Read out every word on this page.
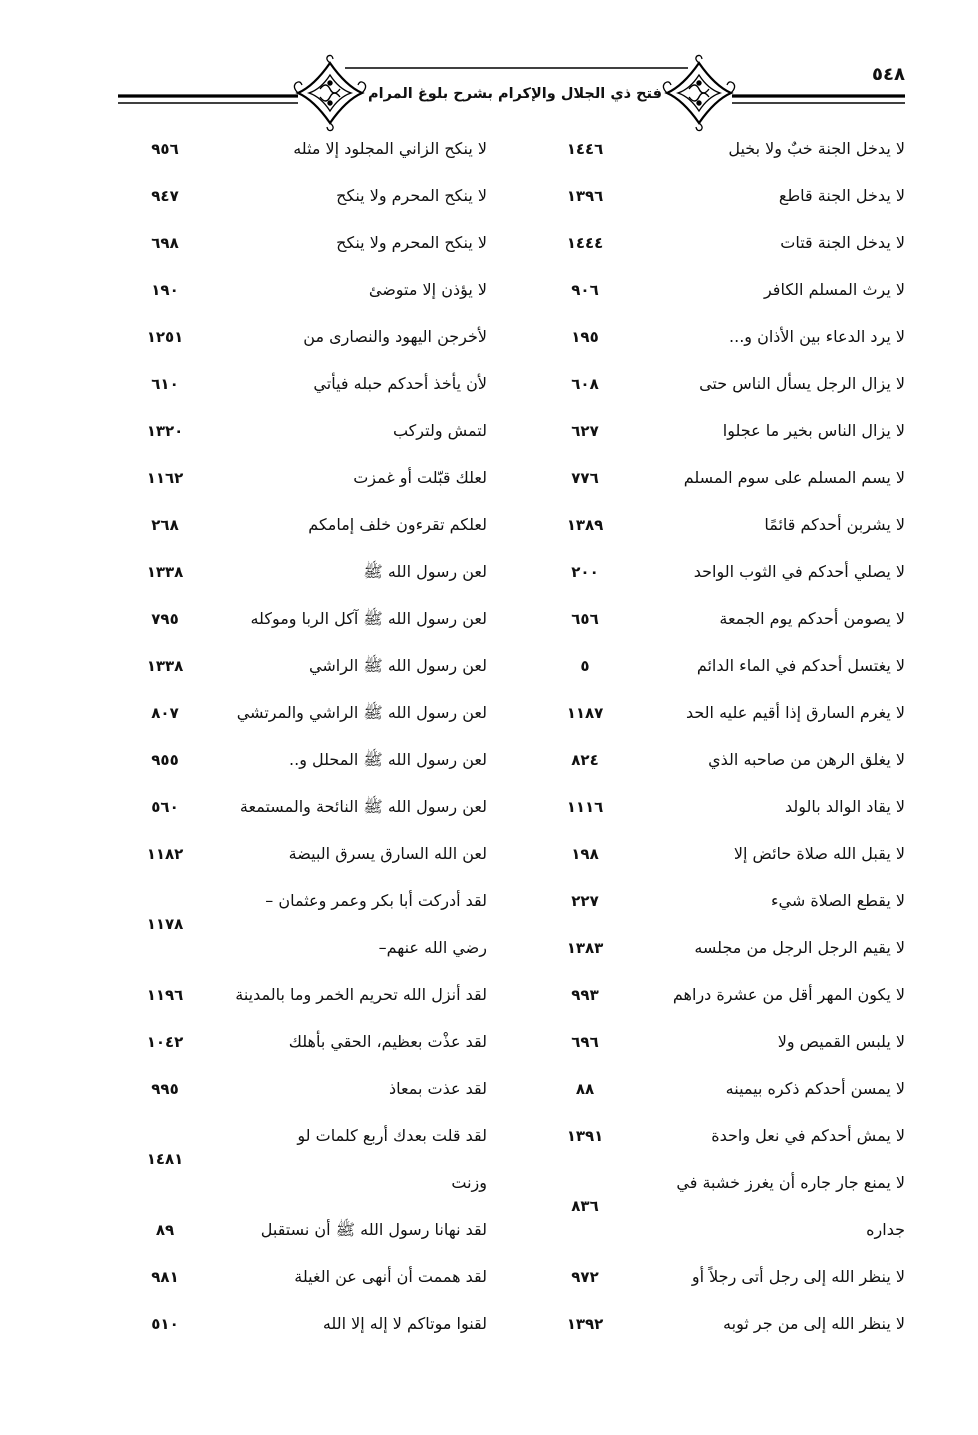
٥٤٨
فتح ذي الجلال والإكرام بشرح بلوغ المرام
لا يدخل الجنة خبٌ ولا بخيل
١٤٤٦
لا يدخل الجنة قاطع
١٣٩٦
لا يدخل الجنة قتات
١٤٤٤
لا يرث المسلم الكافر
٩٠٦
لا يرد الدعاء بين الأذان و...
١٩٥
لا يزال الرجل يسأل الناس حتى
٦٠٨
لا يزال الناس بخير ما عجلوا
٦٢٧
لا يسم المسلم على سوم المسلم
٧٧٦
لا يشربن أحدكم قائمًا
١٣٨٩
لا يصلي أحدكم في الثوب الواحد
٢٠٠
لا يصومن أحدكم يوم الجمعة
٦٥٦
لا يغتسل أحدكم في الماء الدائم
٥
لا يغرم السارق إذا أقيم عليه الحد
١١٨٧
لا يغلق الرهن من صاحبه الذي
٨٢٤
لا يقاد الوالد بالولد
١١١٦
لا يقبل الله صلاة حائض إلا
١٩٨
لا يقطع الصلاة شيء
٢٢٧
لا يقيم الرجل الرجل من مجلسه
١٣٨٣
لا يكون المهر أقل من عشرة دراهم
٩٩٣
لا يلبس القميص ولا
٦٩٦
لا يمسن أحدكم ذكره بيمينه
٨٨
لا يمش أحدكم في نعل واحدة
١٣٩١
لا يمنع جار جاره أن يغرز خشبة في
جداره
٨٣٦
لا ينظر الله إلى رجل أتى رجلاً أو
٩٧٢
لا ينظر الله إلى من جر ثوبه
١٣٩٢
لا ينكح الزاني المجلود إلا مثله
٩٥٦
لا ينكح المحرم ولا ينكح
٩٤٧
لا ينكح المحرم ولا ينكح
٦٩٨
لا يؤذن إلا متوضئ
١٩٠
لأخرجن اليهود والنصارى من
١٢٥١
لأن يأخذ أحدكم حبله فيأتي
٦١٠
لتمش ولتركب
١٣٢٠
لعلك قبّلت أو غمزت
١١٦٢
لعلكم تقرءون خلف إمامكم
٢٦٨
لعن رسول الله ﷺ
١٣٣٨
لعن رسول الله ﷺ آكل الربا وموكله
٧٩٥
لعن رسول الله ﷺ الراشي
١٣٣٨
لعن رسول الله ﷺ الراشي والمرتشي
٨٠٧
لعن رسول الله ﷺ المحلل و..
٩٥٥
لعن رسول الله ﷺ النائحة والمستمعة
٥٦٠
لعن الله السارق يسرق البيضة
١١٨٢
لقد أدركت أبا بكر وعمر وعثمان –
رضي الله عنهم–
١١٧٨
لقد أنزل الله تحريم الخمر وما بالمدينة
١١٩٦
لقد عذْت بعظيم، الحقي بأهلك
١٠٤٢
لقد عذت بمعاذ
٩٩٥
لقد قلت بعدك أربع كلمات لو
وزنت
١٤٨١
لقد نهانا رسول الله ﷺ أن نستقبل
٨٩
لقد هممت أن أنهى عن الغيلة
٩٨١
لقنوا موتاكم لا إله إلا الله
٥١٠
